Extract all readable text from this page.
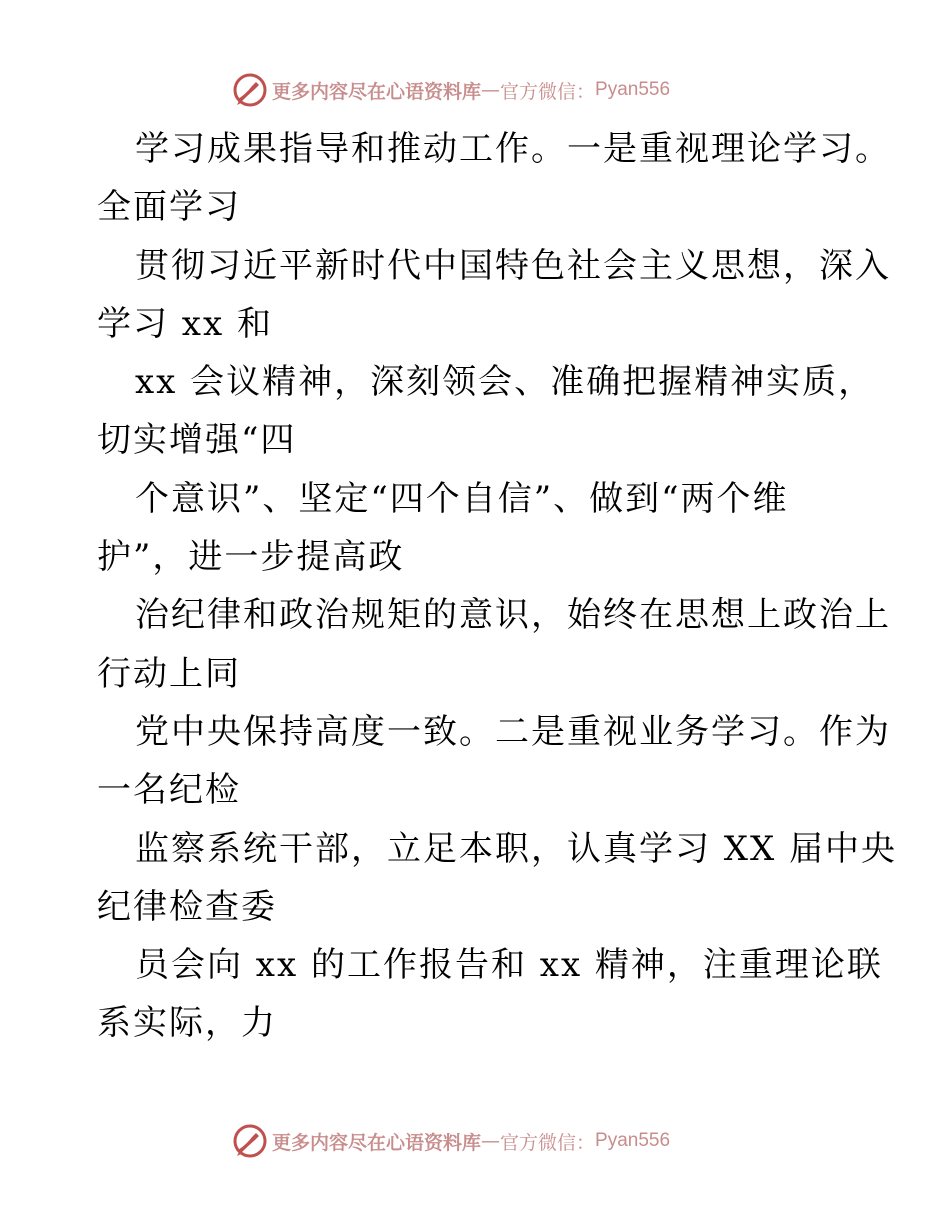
更多内容尽在心语资料库 — 官方微信： Pyan556
学习成果指导和推动工作。一是重视理论学习。
全面学习
贯彻习近平新时代中国特色社会主义思想，深入
学习 xx 和
xx 会议精神，深刻领会、准确把握精神实质，
切实增强“四
个意识”、坚定“四个自信”、做到“两个维
护”，进一步提高政
治纪律和政治规矩的意识，始终在思想上政治上
行动上同
党中央保持高度一致。二是重视业务学习。作为
一名纪检
监察系统干部，立足本职，认真学习 XX 届中央
纪律检查委
员会向 xx 的工作报告和 xx 精神，注重理论联
系实际，力
更多内容尽在心语资料库 — 官方微信： Pyan556
